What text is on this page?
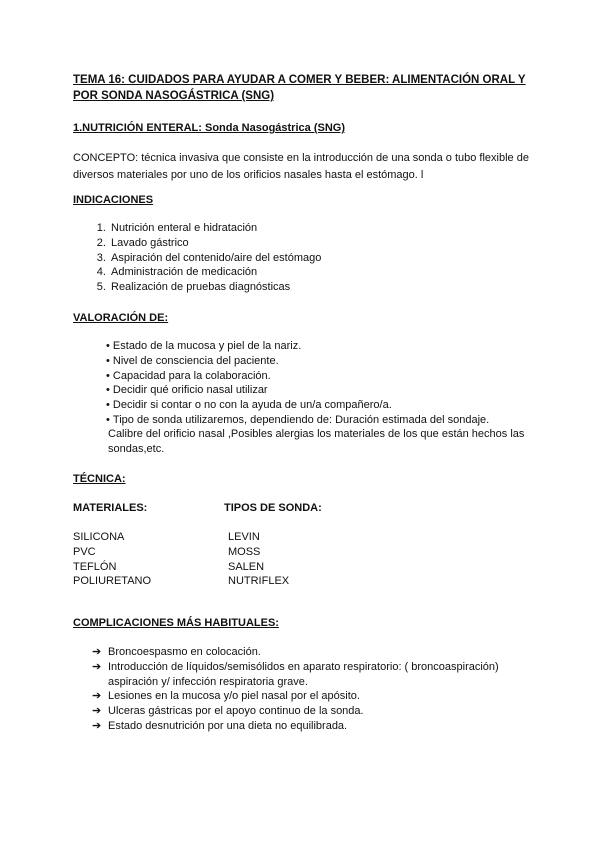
TEMA 16: CUIDADOS PARA AYUDAR A COMER Y BEBER: ALIMENTACIÓN ORAL Y POR SONDA NASOGÁSTRICA (SNG)
1.NUTRICIÓN ENTERAL: Sonda Nasogástrica (SNG)
CONCEPTO: técnica invasiva que consiste en la introducción de una sonda o tubo flexible de diversos materiales por uno de los orificios nasales hasta el estómago. l
INDICACIONES
1. Nutrición enteral e hidratación
2. Lavado gástrico
3. Aspiración del contenido/aire del estómago
4. Administración de medicación
5. Realización de pruebas diagnósticas
VALORACIÓN DE:
• Estado de la mucosa y piel de la nariz.
• Nivel de consciencia del paciente.
• Capacidad para la colaboración.
• Decidir qué orificio nasal utilizar
• Decidir si contar o no con la ayuda de un/a compañero/a.
• Tipo de sonda utilizaremos, dependiendo de: Duración estimada del sondaje.
Calibre del orificio nasal ,Posibles alergias los materiales de los que están hechos las sondas,etc.
TÉCNICA:
MATERIALES:	TIPOS DE SONDA:
SILICONA
PVC
TEFLÓN
POLIURETANO
LEVIN
MOSS
SALEN
NUTRIFLEX
COMPLICACIONES MÁS HABITUALES:
➔ Broncoespasmo en colocación.
➔ Introducción de líquidos/semisólidos en aparato respiratorio: ( broncoaspiración) aspiración y/ infección respiratoria grave.
➔ Lesiones en la mucosa y/o piel nasal por el apósito.
➔ Ulceras gástricas por el apoyo continuo de la sonda.
➔ Estado desnutrición por una dieta no equilibrada.
